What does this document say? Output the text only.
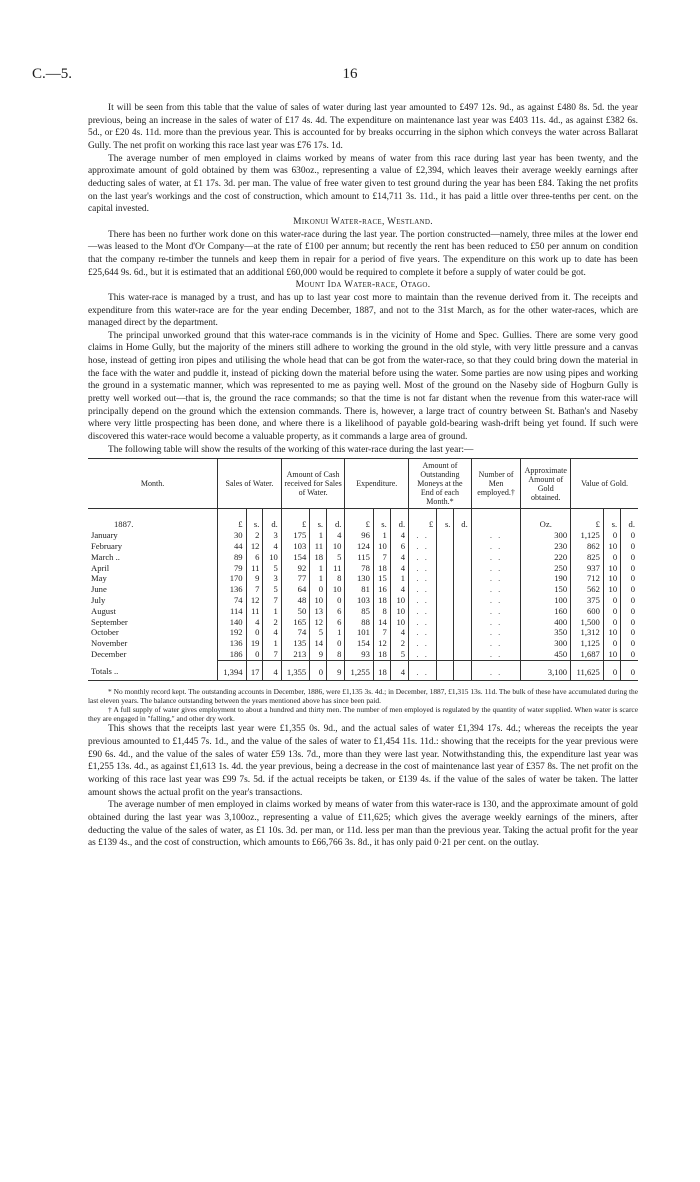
C.—5.	16

It will be seen from this table that the value of sales of water during last year amounted to £497 12s. 9d., as against £480 8s. 5d. the year previous, being an increase in the sales of water of £17 4s. 4d. The expenditure on maintenance last year was £403 11s. 4d., as against £382 6s. 5d., or £20 4s. 11d. more than the previous year. This is accounted for by breaks occurring in the siphon which conveys the water across Ballarat Gully. The net profit on working this race last year was £76 17s. 1d.

The average number of men employed in claims worked by means of water from this race during last year has been twenty, and the approximate amount of gold obtained by them was 630oz., representing a value of £2,394, which leaves their average weekly earnings after deducting sales of water, at £1 17s. 3d. per man. The value of free water given to test ground during the year has been £84. Taking the net profits on the last year's workings and the cost of construction, which amount to £14,711 3s. 11d., it has paid a little over three-tenths per cent. on the capital invested.

Mikonui Water-race, Westland.

There has been no further work done on this water-race during the last year. The portion constructed—namely, three miles at the lower end—was leased to the Mont d'Or Company—at the rate of £100 per annum; but recently the rent has been reduced to £50 per annum on condition that the company re-timber the tunnels and keep them in repair for a period of five years. The expenditure on this work up to date has been £25,644 9s. 6d., but it is estimated that an additional £60,000 would be required to complete it before a supply of water could be got.

Mount Ida Water-race, Otago.

This water-race is managed by a trust, and has up to last year cost more to maintain than the revenue derived from it. The receipts and expenditure from this water-race are for the year ending December, 1887, and not to the 31st March, as for the other water-races, which are managed direct by the department.

The principal unworked ground that this water-race commands is in the vicinity of Home and Spec. Gullies. There are some very good claims in Home Gully, but the majority of the miners still adhere to working the ground in the old style, with very little pressure and a canvas hose, instead of getting iron pipes and utilising the whole head that can be got from the water-race, so that they could bring down the material in the face with the water and puddle it, instead of picking down the material before using the water. Some parties are now using pipes and working the ground in a systematic manner, which was represented to me as paying well. Most of the ground on the Naseby side of Hogburn Gully is pretty well worked out—that is, the ground the race commands; so that the time is not far distant when the revenue from this water-race will principally depend on the ground which the extension commands. There is, however, a large tract of country between St. Bathan's and Naseby where very little prospecting has been done, and where there is a likelihood of payable gold-bearing wash-drift being yet found. If such were discovered this water-race would become a valuable property, as it commands a large area of ground.

The following table will show the results of the working of this water-race during the last year:—

Month.	Sales of Water.			Amount of Cash received for Sales of Water.			Expenditure.			Amount of Outstanding Moneys at the End of each Month.*			Number of Men employed.†	Approximate Amount of Gold obtained.	Value of Gold.		
1887.	£	s.	d.	£	s.	d.	£	s.	d.	£	s.	d.		Oz.	£	s.	d.
January	30	2	3	175	1	4	96	1	4	. .			. .	300	1,125	0	0
February	44	12	4	103	11	10	124	10	6	. .			. .	230	862	10	0
March ..	89	6	10	154	18	5	115	7	4	. .			. .	220	825	0	0
April	79	11	5	92	1	11	78	18	4	. .			. .	250	937	10	0
May	170	9	3	77	1	8	130	15	1	. .			. .	190	712	10	0
June	136	7	5	64	0	10	81	16	4	. .			. .	150	562	10	0
July	74	12	7	48	10	0	103	18	10	. .			. .	100	375	0	0
August	114	11	1	50	13	6	85	8	10	. .			. .	160	600	0	0
September	140	4	2	165	12	6	88	14	10	. .			. .	400	1,500	0	0
October	192	0	4	74	5	1	101	7	4	. .			. .	350	1,312	10	0
November	136	19	1	135	14	0	154	12	2	. .			. .	300	1,125	0	0
December	186	0	7	213	9	8	93	18	5	. .			. .	450	1,687	10	0
Totals ..	1,394	17	4	1,355	0	9	1,255	18	4	. .			. .	3,100	11,625	0	0

* No monthly record kept. The outstanding accounts in December, 1886, were £1,135 3s. 4d.; in December, 1887, £1,315 13s. 11d. The bulk of these have accumulated during the last eleven years. The balance outstanding between the years mentioned above has since been paid.

† A full supply of water gives employment to about a hundred and thirty men. The number of men employed is regulated by the quantity of water supplied. When water is scarce they are engaged in "falling," and other dry work.

This shows that the receipts last year were £1,355 0s. 9d., and the actual sales of water £1,394 17s. 4d.; whereas the receipts the year previous amounted to £1,445 7s. 1d., and the value of the sales of water to £1,454 11s. 11d.: showing that the receipts for the year previous were £90 6s. 4d., and the value of the sales of water £59 13s. 7d., more than they were last year. Notwithstanding this, the expenditure last year was £1,255 13s. 4d., as against £1,613 1s. 4d. the year previous, being a decrease in the cost of maintenance last year of £357 8s. The net profit on the working of this race last year was £99 7s. 5d. if the actual receipts be taken, or £139 4s. if the value of the sales of water be taken. The latter amount shows the actual profit on the year's transactions.

The average number of men employed in claims worked by means of water from this water-race is 130, and the approximate amount of gold obtained during the last year was 3,100oz., representing a value of £11,625; which gives the average weekly earnings of the miners, after deducting the value of the sales of water, as £1 10s. 3d. per man, or 11d. less per man than the previous year. Taking the actual profit for the year as £139 4s., and the cost of construction, which amounts to £66,766 3s. 8d., it has only paid 0·21 per cent. on the outlay.
